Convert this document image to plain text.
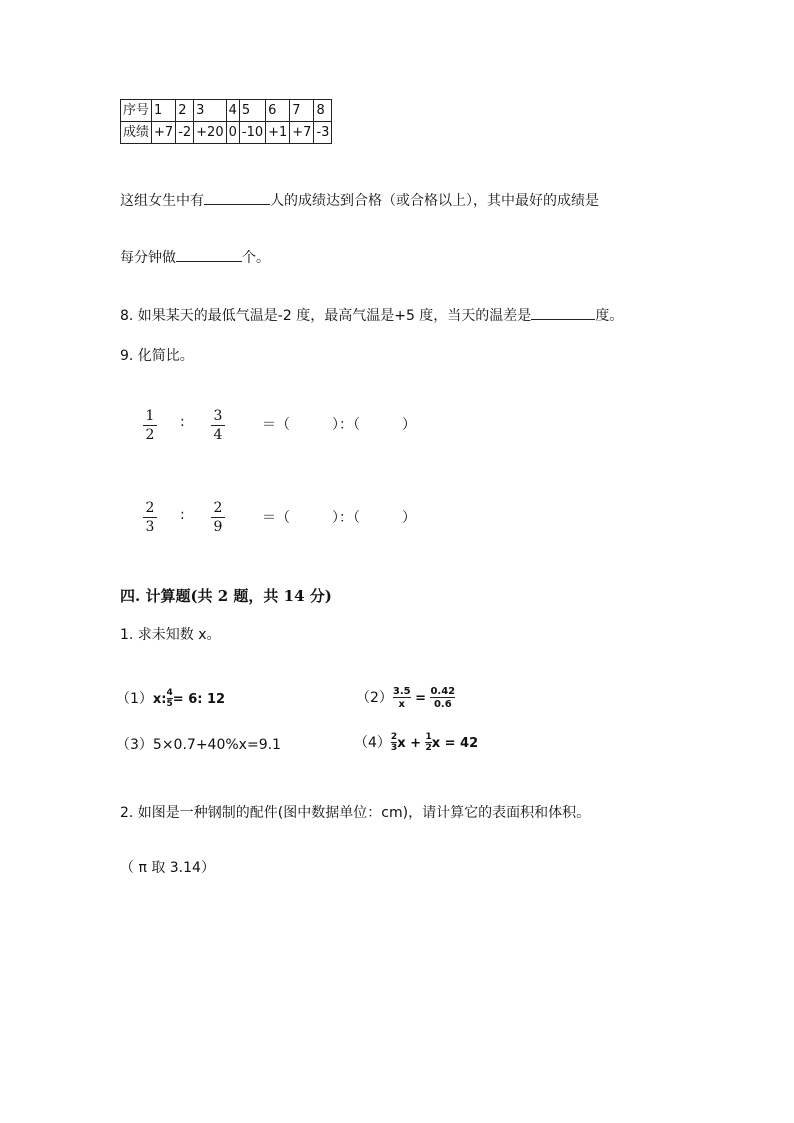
序号	1	2	3	4	5	6	7	8
成绩	+7	-2	+20	0	-10	+1	+7	-3
这组女生中有	人的成绩达到合格（或合格以上），其中最好的成绩是
每分钟做	个。
8. 如果某天的最低气温是-2 度，最高气温是+5 度，当天的温差是	度。
9. 化简比。
1
2
: 3
4
＝（　　　）：（　　　）
2
3
: 2
9
＝（　　　）：（　　　）
四. 计算题(共 2 题，共 14 分)
1. 求未知数 x。
$(1)x:\frac{4}{5}= 6$: 12	$(2)\frac{3.5}{x} = \frac{0.42}{0.6}$
（3）5×0.7+40%x=9.1	$(4)\frac{2}{3}x + \frac{1}{2}x = 42$
2. 如图是一种钢制的配件(图中数据单位：cm)，请计算它的表面积和体积。
（ π 取 3.14）
